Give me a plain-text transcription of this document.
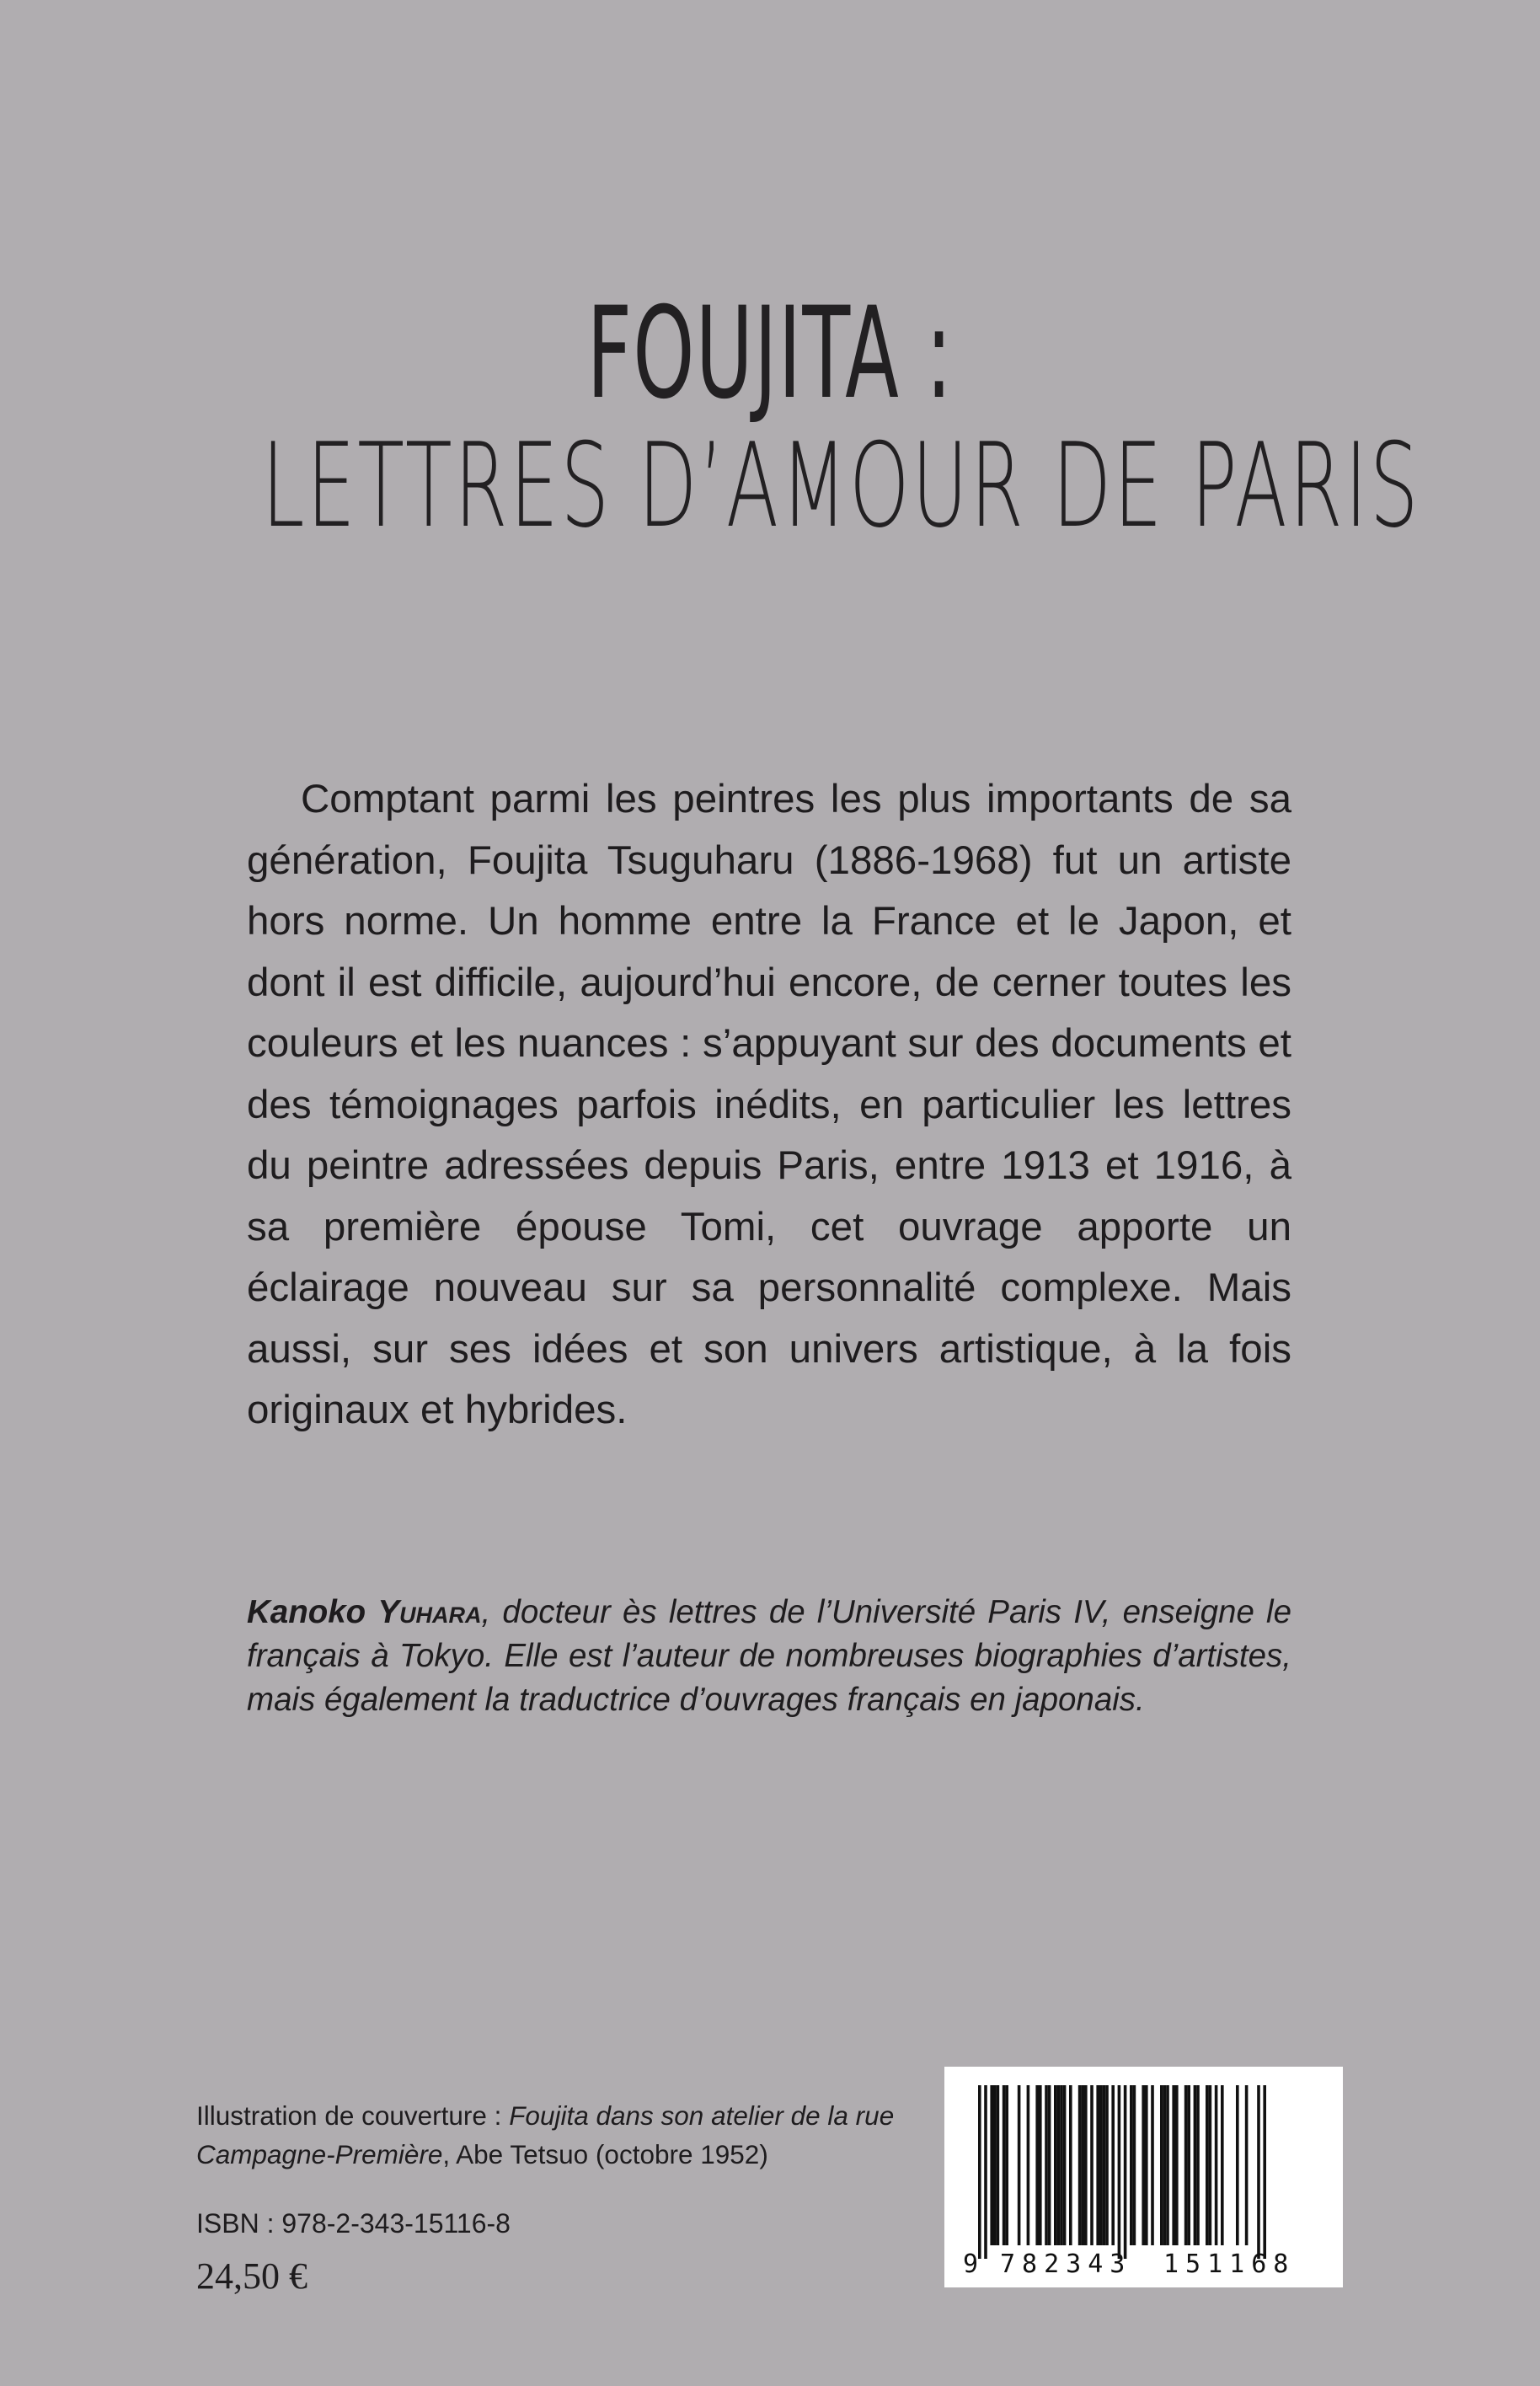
FOUJITA :
LETTRES D’AMOUR DE PARIS

Comptant parmi les peintres les plus importants de sa génération, Foujita Tsuguharu (1886-1968) fut un artiste hors norme. Un homme entre la France et le Japon, et dont il est difficile, aujourd’hui encore, de cerner toutes les couleurs et les nuances : s’appuyant sur des documents et des témoignages parfois inédits, en particulier les lettres du peintre adressées depuis Paris, entre 1913 et 1916, à sa première épouse Tomi, cet ouvrage apporte un éclairage nouveau sur sa personnalité complexe. Mais aussi, sur ses idées et son univers artistique, à la fois originaux et hybrides.

Kanoko Yuhara, docteur ès lettres de l’Université Paris IV, enseigne le français à Tokyo. Elle est l’auteur de nombreuses biographies d’artistes, mais également la traductrice d’ouvrages français en japonais.

Illustration de couverture : Foujita dans son atelier de la rue Campagne-Première, Abe Tetsuo (octobre 1952)

ISBN : 978-2-343-15116-8

24,50 €	9 782343 151168
